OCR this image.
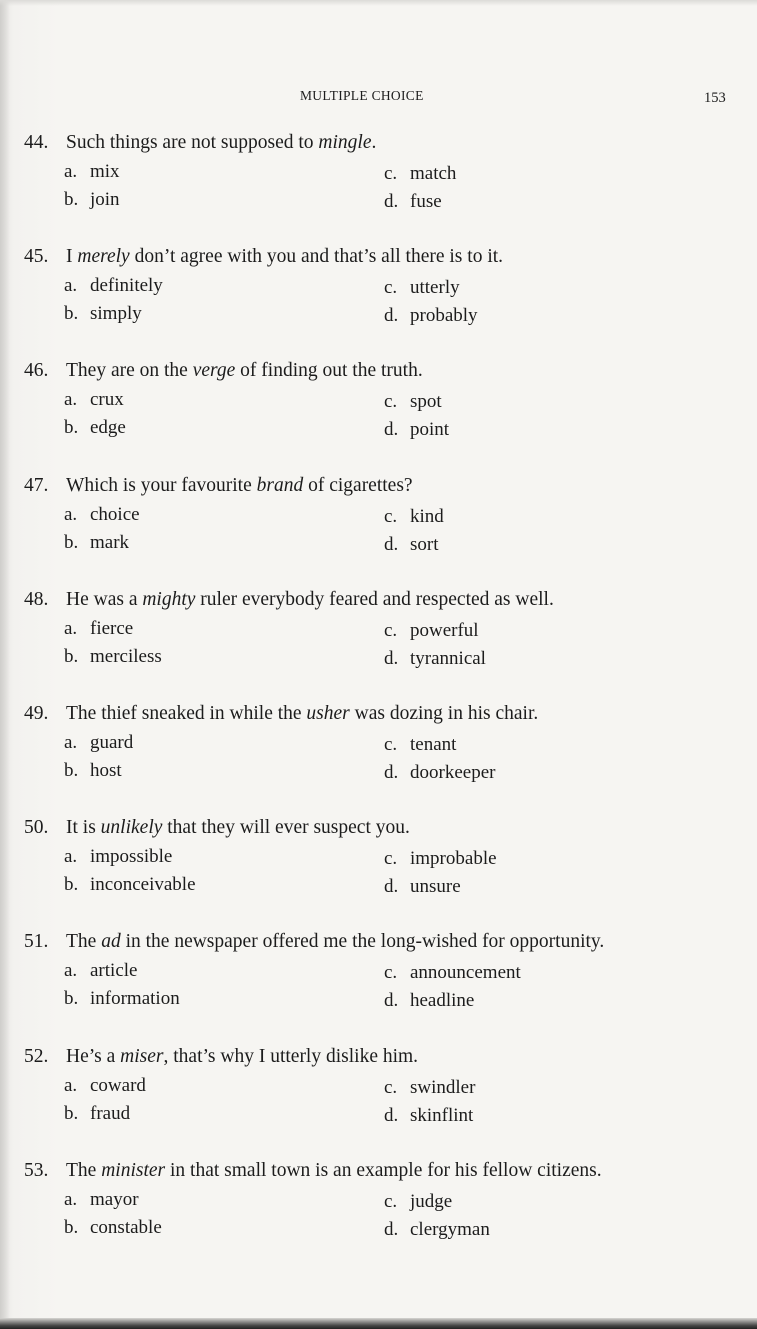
MULTIPLE CHOICE	153
44. Such things are not supposed to mingle.
a. mix
b. join
c. match
d. fuse
45. I merely don’t agree with you and that’s all there is to it.
a. definitely
b. simply
c. utterly
d. probably
46. They are on the verge of finding out the truth.
a. crux
b. edge
c. spot
d. point
47. Which is your favourite brand of cigarettes?
a. choice
b. mark
c. kind
d. sort
48. He was a mighty ruler everybody feared and respected as well.
a. fierce
b. merciless
c. powerful
d. tyrannical
49. The thief sneaked in while the usher was dozing in his chair.
a. guard
b. host
c. tenant
d. doorkeeper
50. It is unlikely that they will ever suspect you.
a. impossible
b. inconceivable
c. improbable
d. unsure
51. The ad in the newspaper offered me the long-wished for opportunity.
a. article
b. information
c. announcement
d. headline
52. He’s a miser, that’s why I utterly dislike him.
a. coward
b. fraud
c. swindler
d. skinflint
53. The minister in that small town is an example for his fellow citizens.
a. mayor
b. constable
c. judge
d. clergyman
